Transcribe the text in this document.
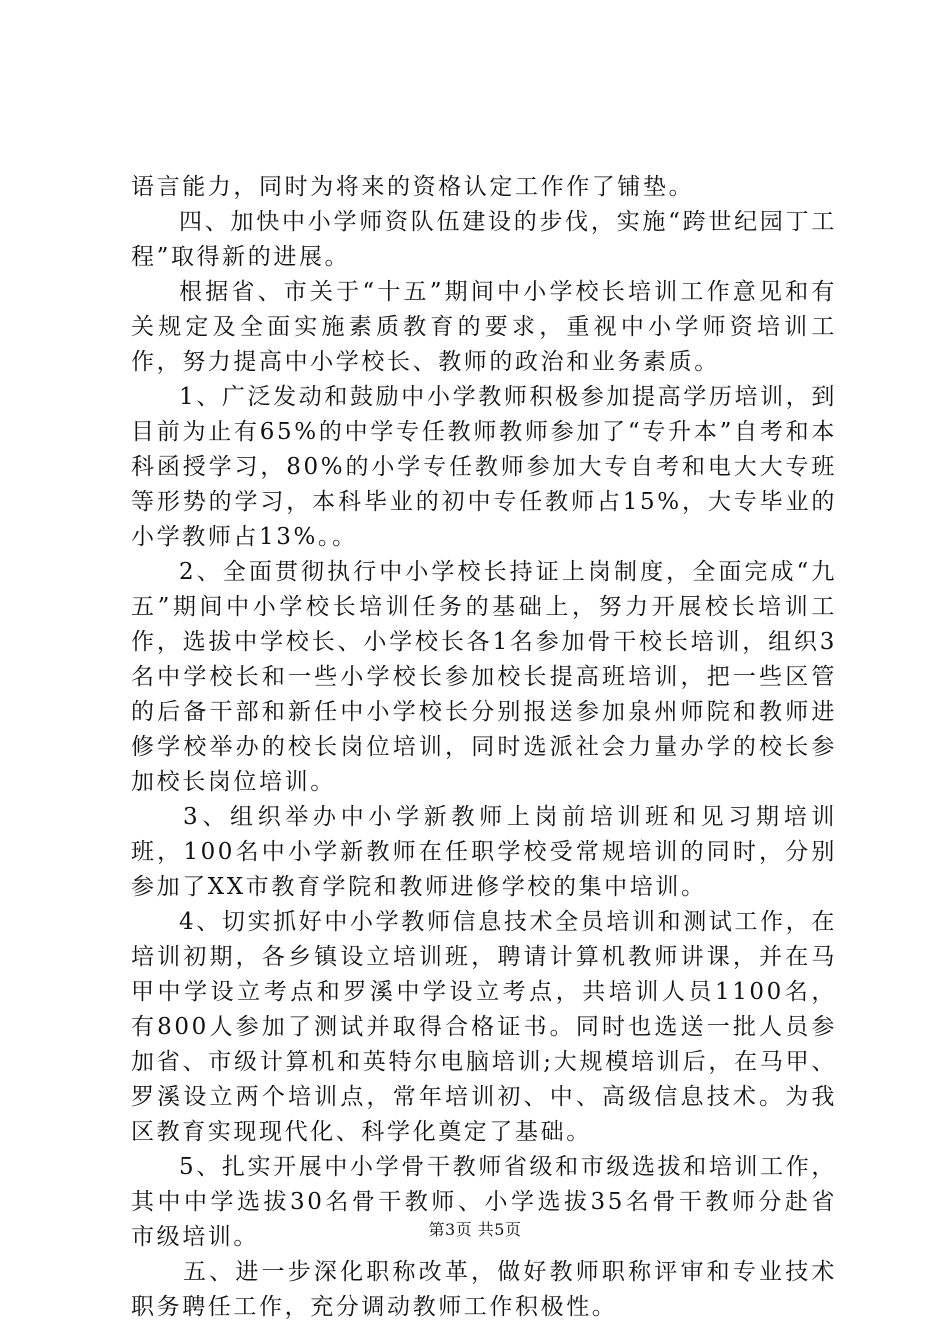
语言能力，同时为将来的资格认定工作作了铺垫。

四、加快中小学师资队伍建设的步伐，实施“跨世纪园丁工程”取得新的进展。

根据省、市关于“十五”期间中小学校长培训工作意见和有关规定及全面实施素质教育的要求，重视中小学师资培训工作，努力提高中小学校长、教师的政治和业务素质。

1、广泛发动和鼓励中小学教师积极参加提高学历培训，到目前为止有65%的中学专任教师教师参加了“专升本”自考和本科函授学习，80%的小学专任教师参加大专自考和电大大专班等形势的学习，本科毕业的初中专任教师占15%，大专毕业的小学教师占13%。。

2、全面贯彻执行中小学校长持证上岗制度，全面完成“九五”期间中小学校长培训任务的基础上，努力开展校长培训工作，选拔中学校长、小学校长各1名参加骨干校长培训，组织3名中学校长和一些小学校长参加校长提高班培训，把一些区管的后备干部和新任中小学校长分别报送参加泉州师院和教师进修学校举办的校长岗位培训，同时选派社会力量办学的校长参加校长岗位培训。

3、组织举办中小学新教师上岗前培训班和见习期培训班，100名中小学新教师在任职学校受常规培训的同时，分别参加了XX市教育学院和教师进修学校的集中培训。

4、切实抓好中小学教师信息技术全员培训和测试工作，在培训初期，各乡镇设立培训班，聘请计算机教师讲课，并在马甲中学设立考点和罗溪中学设立考点，共培训人员1100名，有800人参加了测试并取得合格证书。同时也选送一批人员参加省、市级计算机和英特尔电脑培训;大规模培训后，在马甲、罗溪设立两个培训点，常年培训初、中、高级信息技术。为我区教育实现现代化、科学化奠定了基础。

5、扎实开展中小学骨干教师省级和市级选拔和培训工作，其中中学选拔30名骨干教师、小学选拔35名骨干教师分赴省市级培训。

五、进一步深化职称改革，做好教师职称评审和专业技术职务聘任工作，充分调动教师工作积极性。

第3页 共5页
